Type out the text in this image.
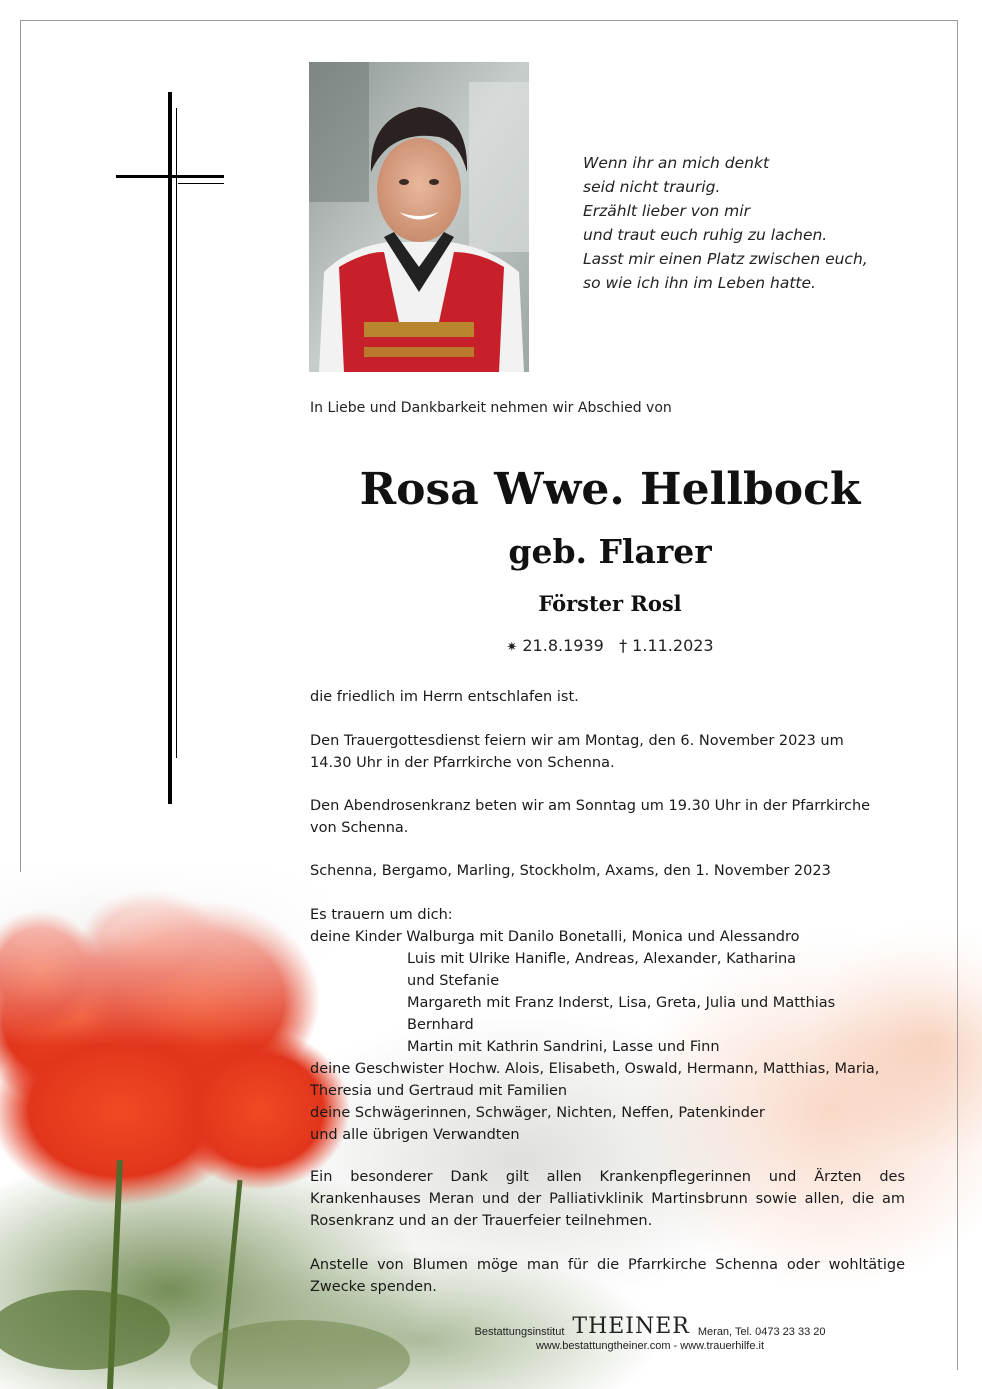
Wenn ihr an mich denkt
seid nicht traurig.
Erzählt lieber von mir
und traut euch ruhig zu lachen.
Lasst mir einen Platz zwischen euch,
so wie ich ihn im Leben hatte.
In Liebe und Dankbarkeit nehmen wir Abschied von
Rosa Wwe. Hellbock
geb. Flarer
Förster Rosl
✷ 21.8.1939 † 1.11.2023
die friedlich im Herrn entschlafen ist.
Den Trauergottesdienst feiern wir am Montag, den 6. November 2023 um
14.30 Uhr in der Pfarrkirche von Schenna.
Den Abendrosenkranz beten wir am Sonntag um 19.30 Uhr in der Pfarrkirche
von Schenna.
Schenna, Bergamo, Marling, Stockholm, Axams, den 1. November 2023
Es trauern um dich:
deine Kinder Walburga mit Danilo Bonetalli, Monica und Alessandro
Luis mit Ulrike Hanifle, Andreas, Alexander, Katharina
und Stefanie
Margareth mit Franz Inderst, Lisa, Greta, Julia und Matthias
Bernhard
Martin mit Kathrin Sandrini, Lasse und Finn
deine Geschwister Hochw. Alois, Elisabeth, Oswald, Hermann, Matthias, Maria,
Theresia und Gertraud mit Familien
deine Schwägerinnen, Schwäger, Nichten, Neffen, Patenkinder
und alle übrigen Verwandten
Ein besonderer Dank gilt allen Krankenpflegerinnen und Ärzten des Krankenhauses Meran und der Palliativklinik Martinsbrunn sowie allen, die am Rosenkranz und an der Trauerfeier teilnehmen.
Anstelle von Blumen möge man für die Pfarrkirche Schenna oder wohltätige Zwecke spenden.
Bestattungsinstitut THEINER Meran, Tel. 0473 23 33 20
www.bestattungtheiner.com - www.trauerhilfe.it
